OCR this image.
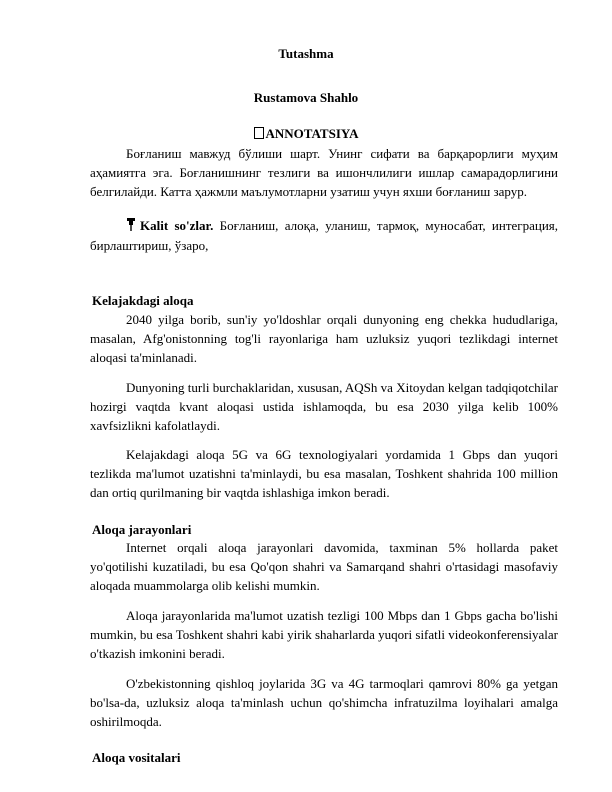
Tutashma
Rustamova Shahlo
ANNOTATSIYA
Боғланиш мавжуд бўлиши шарт. Унинг сифати ва барқарорлиги муҳим аҳамиятга эга. Боғланишнинг тезлиги ва ишончлилиги ишлар самарадорлигини белгилайди. Катта ҳажмли маълумотларни узатиш учун яхши боғланиш зарур.
Kalit so'zlar. Боғланиш, алоқа, уланиш, тармоқ, муносабат, интеграция, бирлаштириш, ўзаро,
Kelajakdagi aloqa
2040 yilga borib, sun'iy yo'ldoshlar orqali dunyoning eng chekka hududlariga, masalan, Afg'onistonning tog'li rayonlariga ham uzluksiz yuqori tezlikdagi internet aloqasi ta'minlanadi.
Dunyoning turli burchaklaridan, xususan, AQSh va Xitoydan kelgan tadqiqotchilar hozirgi vaqtda kvant aloqasi ustida ishlamoqda, bu esa 2030 yilga kelib 100% xavfsizlikni kafolatlaydi.
Kelajakdagi aloqa 5G va 6G texnologiyalari yordamida 1 Gbps dan yuqori tezlikda ma'lumot uzatishni ta'minlaydi, bu esa masalan, Toshkent shahrida 100 million dan ortiq qurilmaning bir vaqtda ishlashiga imkon beradi.
Aloqa jarayonlari
Internet orqali aloqa jarayonlari davomida, taxminan 5% hollarda paket yo'qotilishi kuzatiladi, bu esa Qo'qon shahri va Samarqand shahri o'rtasidagi masofaviy aloqada muammolarga olib kelishi mumkin.
Aloqa jarayonlarida ma'lumot uzatish tezligi 100 Mbps dan 1 Gbps gacha bo'lishi mumkin, bu esa Toshkent shahri kabi yirik shaharlarda yuqori sifatli videokonferensiyalar o'tkazish imkonini beradi.
O'zbekistonning qishloq joylarida 3G va 4G tarmoqlari qamrovi 80% ga yetgan bo'lsa-da, uzluksiz aloqa ta'minlash uchun qo'shimcha infratuzilma loyihalari amalga oshirilmoqda.
Aloqa vositalari
